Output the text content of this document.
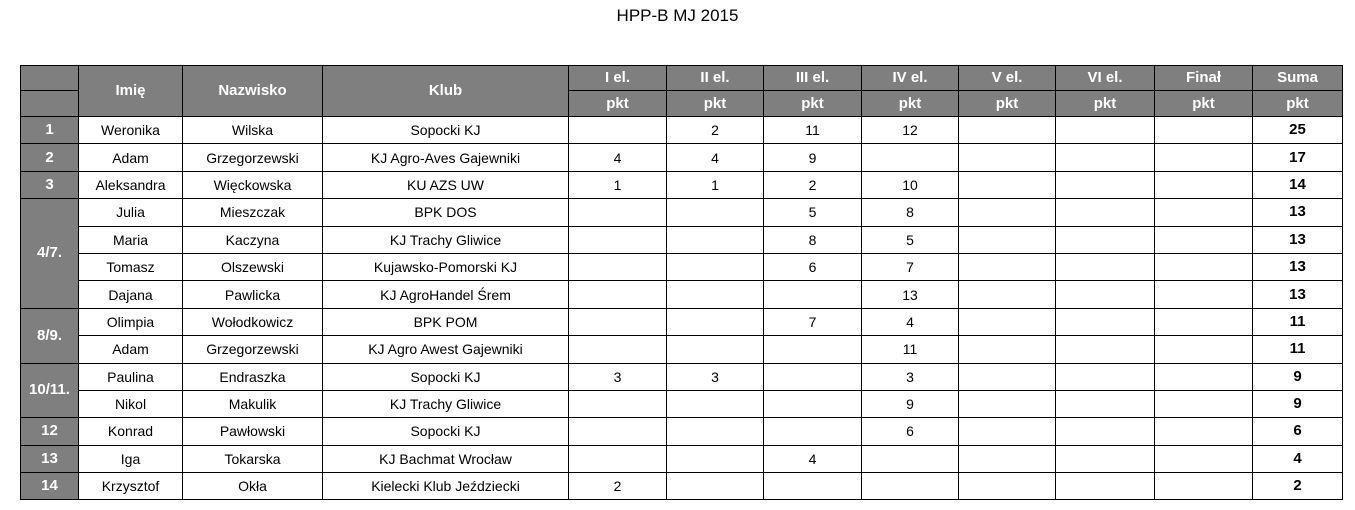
HPP-B MJ 2015
	Imię	Nazwisko	Klub	I el.	II el.	III el.	IV el.	V el.	VI el.	Finał	Suma
				pkt	pkt	pkt	pkt	pkt	pkt	pkt	pkt
1	Weronika	Wilska	Sopocki KJ		2	11	12				25
2	Adam	Grzegorzewski	KJ Agro-Aves Gajewniki	4	4	9					17
3	Aleksandra	Więckowska	KU AZS UW	1	1	2	10				14
4/7.	Julia	Mieszczak	BPK DOS			5	8				13
	Maria	Kaczyna	KJ Trachy Gliwice			8	5				13
	Tomasz	Olszewski	Kujawsko-Pomorski KJ			6	7				13
	Dajana	Pawlicka	KJ AgroHandel Śrem				13				13
8/9.	Olimpia	Wołodkowicz	BPK POM			7	4				11
	Adam	Grzegorzewski	KJ Agro Awest Gajewniki				11				11
10/11.	Paulina	Endraszka	Sopocki KJ	3	3		3				9
	Nikol	Makulik	KJ Trachy Gliwice				9				9
12	Konrad	Pawłowski	Sopocki KJ				6				6
13	Iga	Tokarska	KJ Bachmat Wrocław			4					4
14	Krzysztof	Okła	Kielecki Klub Jeździecki	2							2
